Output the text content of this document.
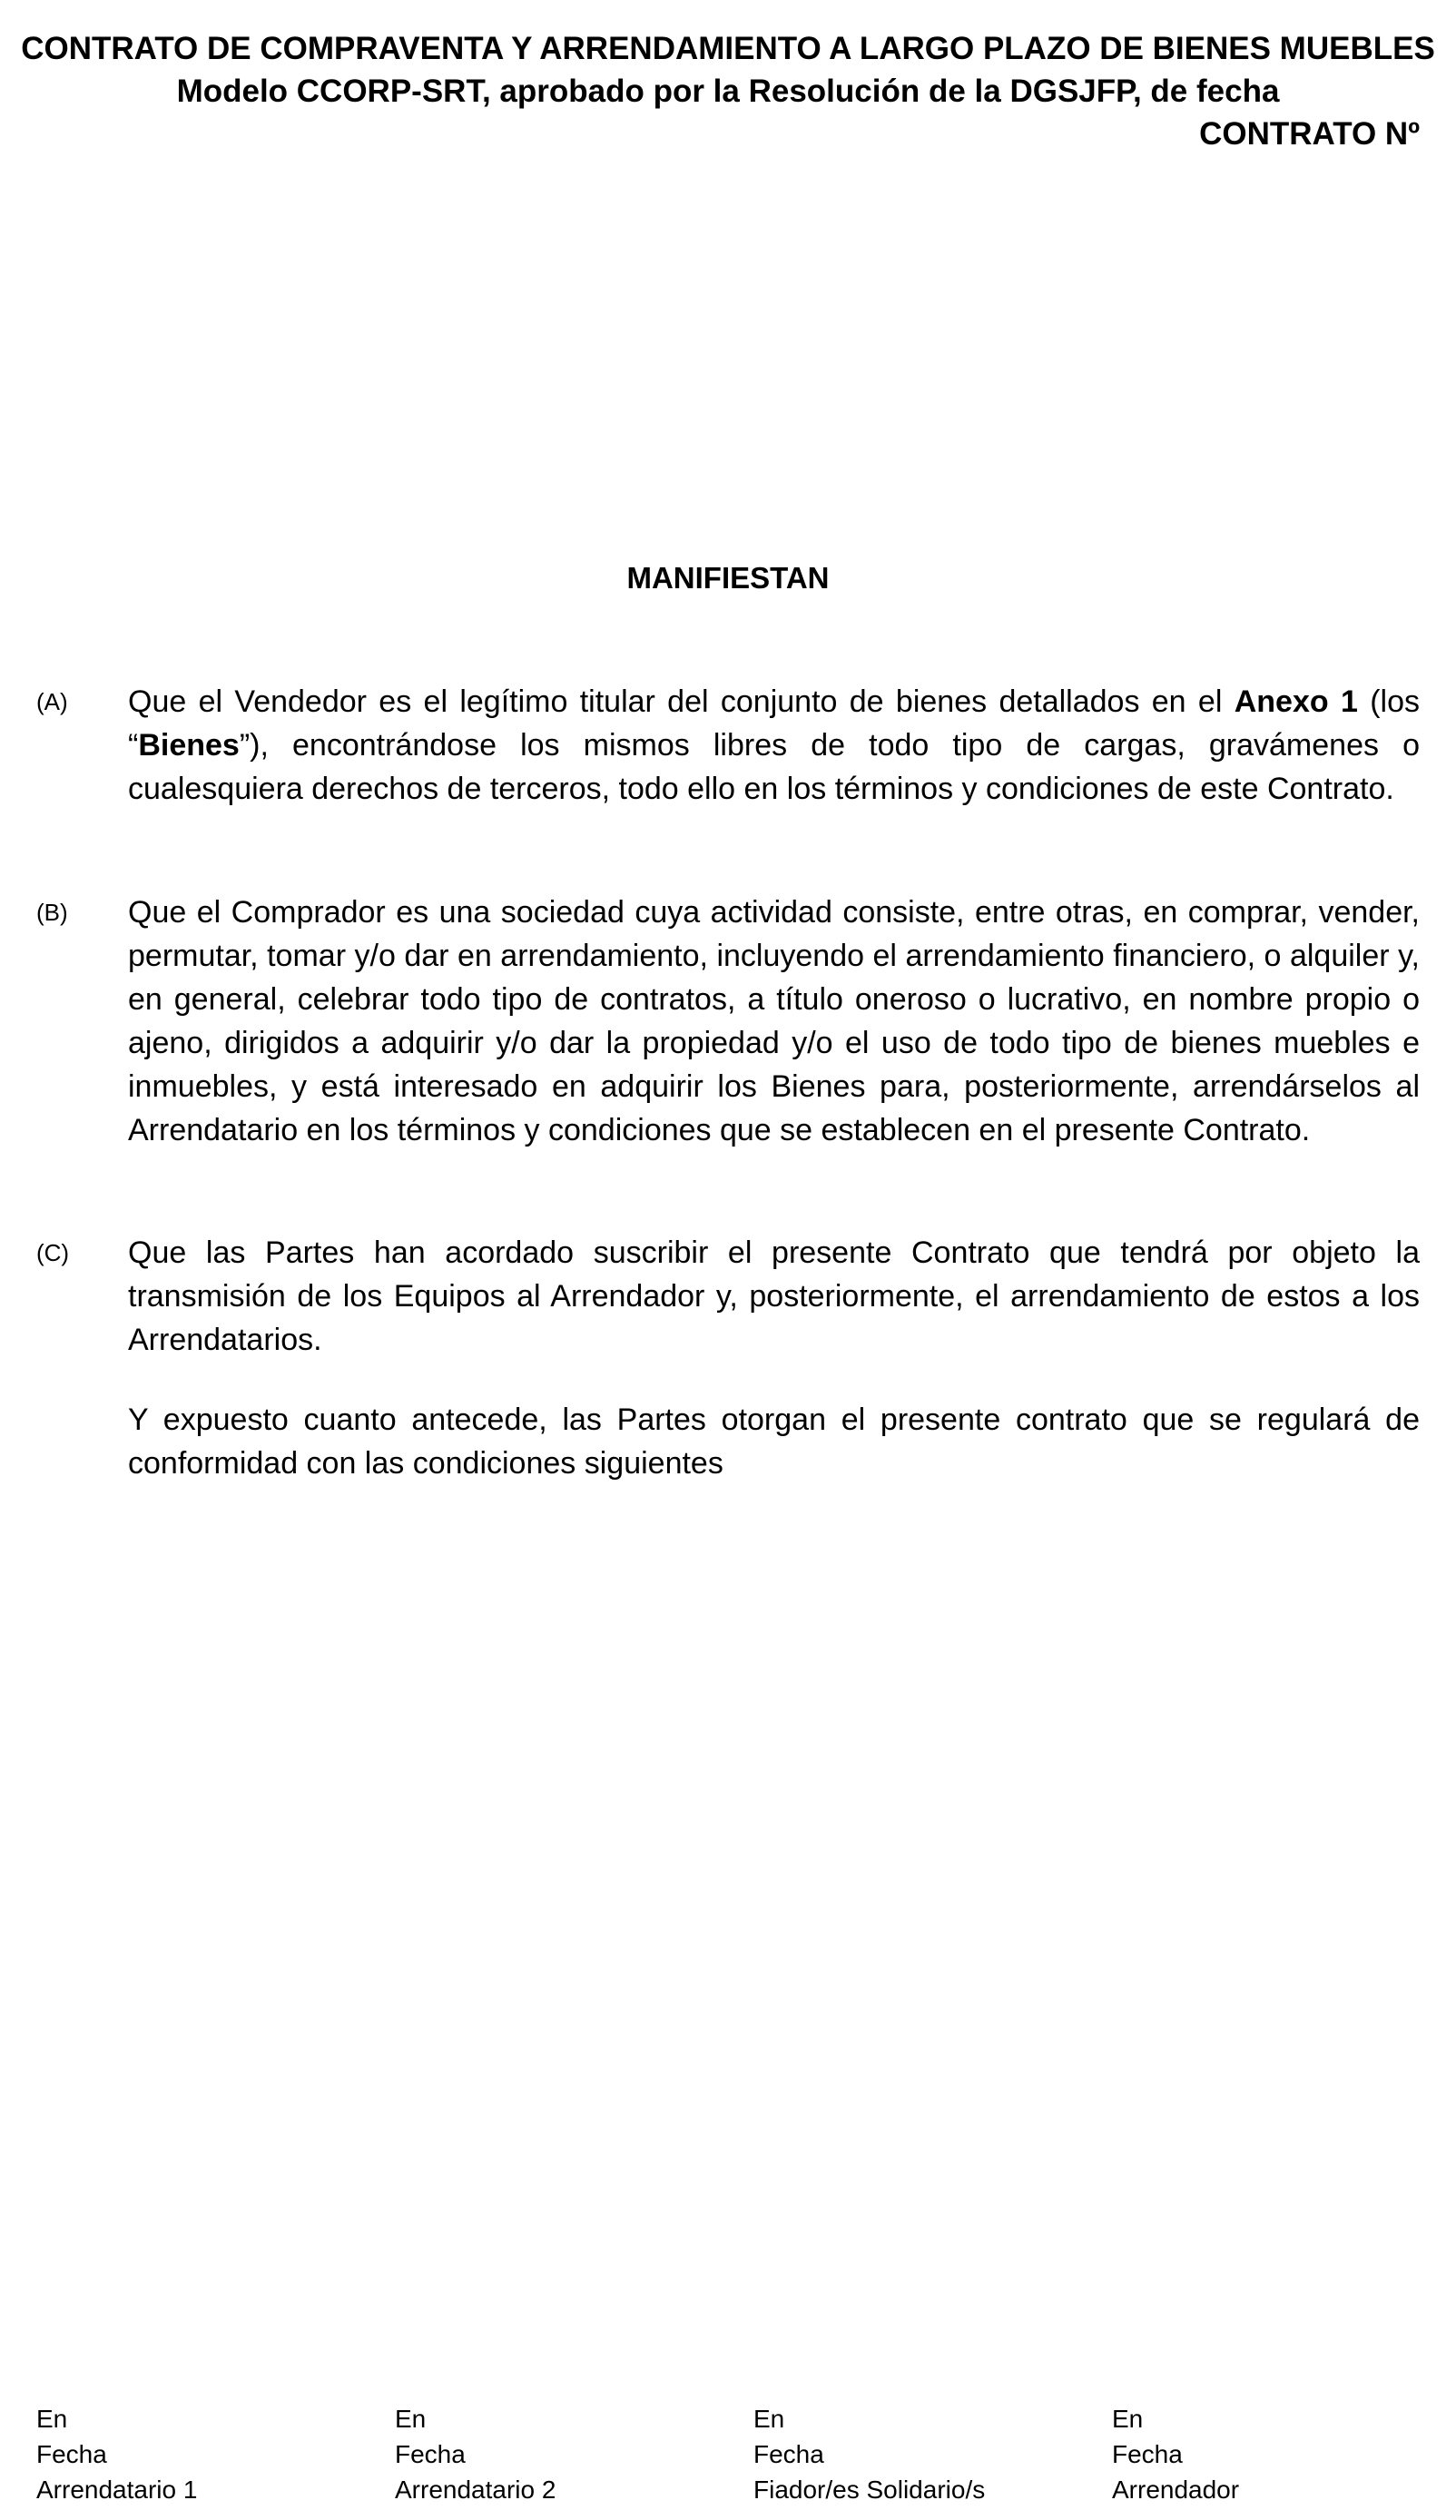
CONTRATO DE COMPRAVENTA Y ARRENDAMIENTO A LARGO PLAZO DE BIENES MUEBLES
Modelo CCORP-SRT, aprobado por la Resolución de la DGSJFP, de fecha
CONTRATO Nº
MANIFIESTAN
(A) Que el Vendedor es el legítimo titular del conjunto de bienes detallados en el Anexo 1 (los “Bienes”), encontrándose los mismos libres de todo tipo de cargas, gravámenes o cualesquiera derechos de terceros, todo ello en los términos y condiciones de este Contrato.
(B) Que el Comprador es una sociedad cuya actividad consiste, entre otras, en comprar, vender, permutar, tomar y/o dar en arrendamiento, incluyendo el arrendamiento financiero, o alquiler y, en general, celebrar todo tipo de contratos, a título oneroso o lucrativo, en nombre propio o ajeno, dirigidos a adquirir y/o dar la propiedad y/o el uso de todo tipo de bienes muebles e inmuebles, y está interesado en adquirir los Bienes para, posteriormente, arrendárselos al Arrendatario en los términos y condiciones que se establecen en el presente Contrato.
(C) Que las Partes han acordado suscribir el presente Contrato que tendrá por objeto la transmisión de los Equipos al Arrendador y, posteriormente, el arrendamiento de estos a los Arrendatarios.
Y expuesto cuanto antecede, las Partes otorgan el presente contrato que se regulará de conformidad con las condiciones siguientes
En
Fecha
Arrendatario 1
En
Fecha
Arrendatario 2
En
Fecha
Fiador/es Solidario/s
En
Fecha
Arrendador
